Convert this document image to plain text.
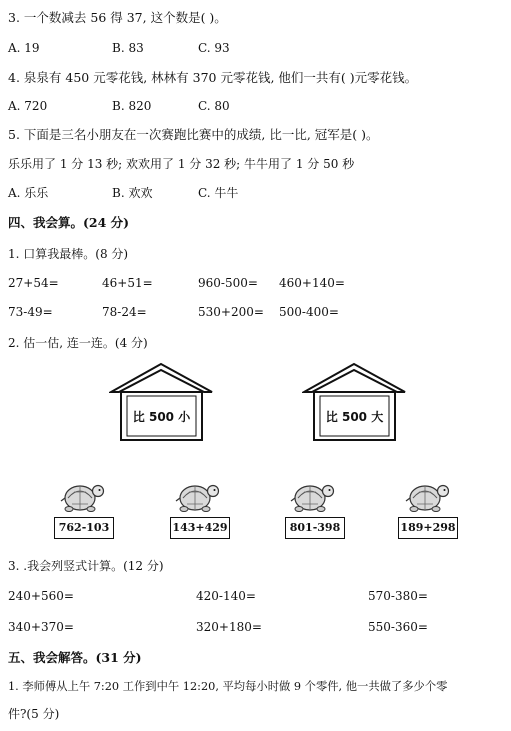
3. 一个数减去 56 得 37, 这个数是( )。
A. 19	B. 83	C. 93
4. 泉泉有 450 元零花钱, 林林有 370 元零花钱, 他们一共有( )元零花钱。
A. 720	B. 820	C. 80
5. 下面是三名小朋友在一次赛跑比赛中的成绩, 比一比, 冠军是( )。
乐乐用了 1 分 13 秒; 欢欢用了 1 分 32 秒; 牛牛用了 1 分 50 秒
A. 乐乐	B. 欢欢	C. 牛牛
四、我会算。(24 分)
1. 口算我最棒。(8 分)
27+54=	46+51=	960-500= 460+140=
73-49=	78-24=	530+200= 500-400=
2. 估一估, 连一连。(4 分)
比 500 小	比 500 大
762-103	143+429	801-398	189+298
3. .我会列竖式计算。(12 分)
240+560=	420-140=	570-380=
340+370=	320+180=	550-360=
五、我会解答。(31 分)
1. 李师傅从上午 7:20 工作到中午 12:20, 平均每小时做 9 个零件, 他一共做了多少个零
件?(5 分)
